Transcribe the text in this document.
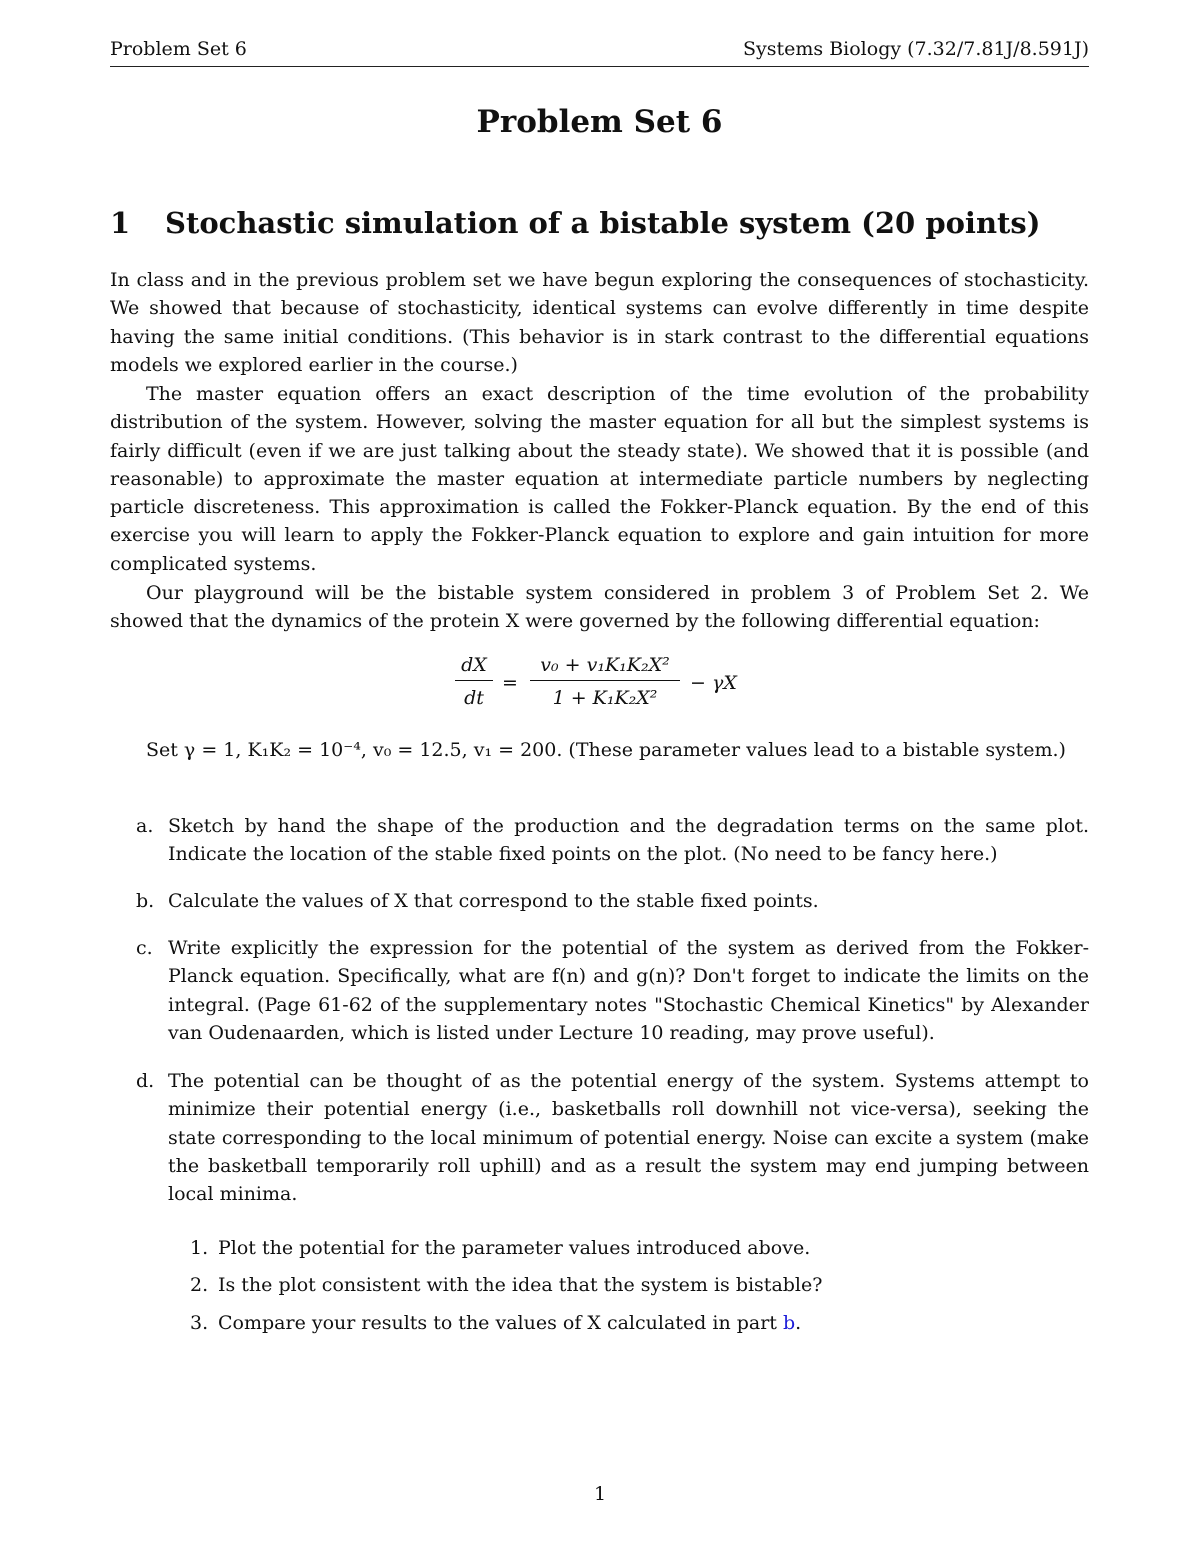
Problem Set 6	Systems Biology (7.32/7.81J/8.591J)
Problem Set 6
1 Stochastic simulation of a bistable system (20 points)
In class and in the previous problem set we have begun exploring the consequences of stochasticity. We showed that because of stochasticity, identical systems can evolve differently in time despite having the same initial conditions. (This behavior is in stark contrast to the differential equations models we explored earlier in the course.)
The master equation offers an exact description of the time evolution of the probability distribution of the system. However, solving the master equation for all but the simplest systems is fairly difficult (even if we are just talking about the steady state). We showed that it is possible (and reasonable) to approximate the master equation at intermediate particle numbers by neglecting particle discreteness. This approximation is called the Fokker-Planck equation. By the end of this exercise you will learn to apply the Fokker-Planck equation to explore and gain intuition for more complicated systems.
Our playground will be the bistable system considered in problem 3 of Problem Set 2. We showed that the dynamics of the protein X were governed by the following differential equation:
$\frac{dX}{dt} = \frac{\text{v₀ + v₁K₁K₂X²}}{\text{1 + K₁K₂X²}} - \gamma X$
Set γ = 1, K₁K₂ = 10⁻⁴, v₀ = 12.5, v₁ = 200. (These parameter values lead to a bistable system.)
a. Sketch by hand the shape of the production and the degradation terms on the same plot. Indicate the location of the stable fixed points on the plot. (No need to be fancy here.)
b. Calculate the values of X that correspond to the stable fixed points.
c. Write explicitly the expression for the potential of the system as derived from the Fokker-Planck equation. Specifically, what are f(n) and g(n)? Don't forget to indicate the limits on the integral. (Page 61-62 of the supplementary notes "Stochastic Chemical Kinetics" by Alexander van Oudenaarden, which is listed under Lecture 10 reading, may prove useful).
d. The potential can be thought of as the potential energy of the system. Systems attempt to minimize their potential energy (i.e., basketballs roll downhill not vice-versa), seeking the state corresponding to the local minimum of potential energy. Noise can excite a system (make the basketball temporarily roll uphill) and as a result the system may end jumping between local minima.
1. Plot the potential for the parameter values introduced above.
2. Is the plot consistent with the idea that the system is bistable?
3. Compare your results to the values of X calculated in part b.
1
